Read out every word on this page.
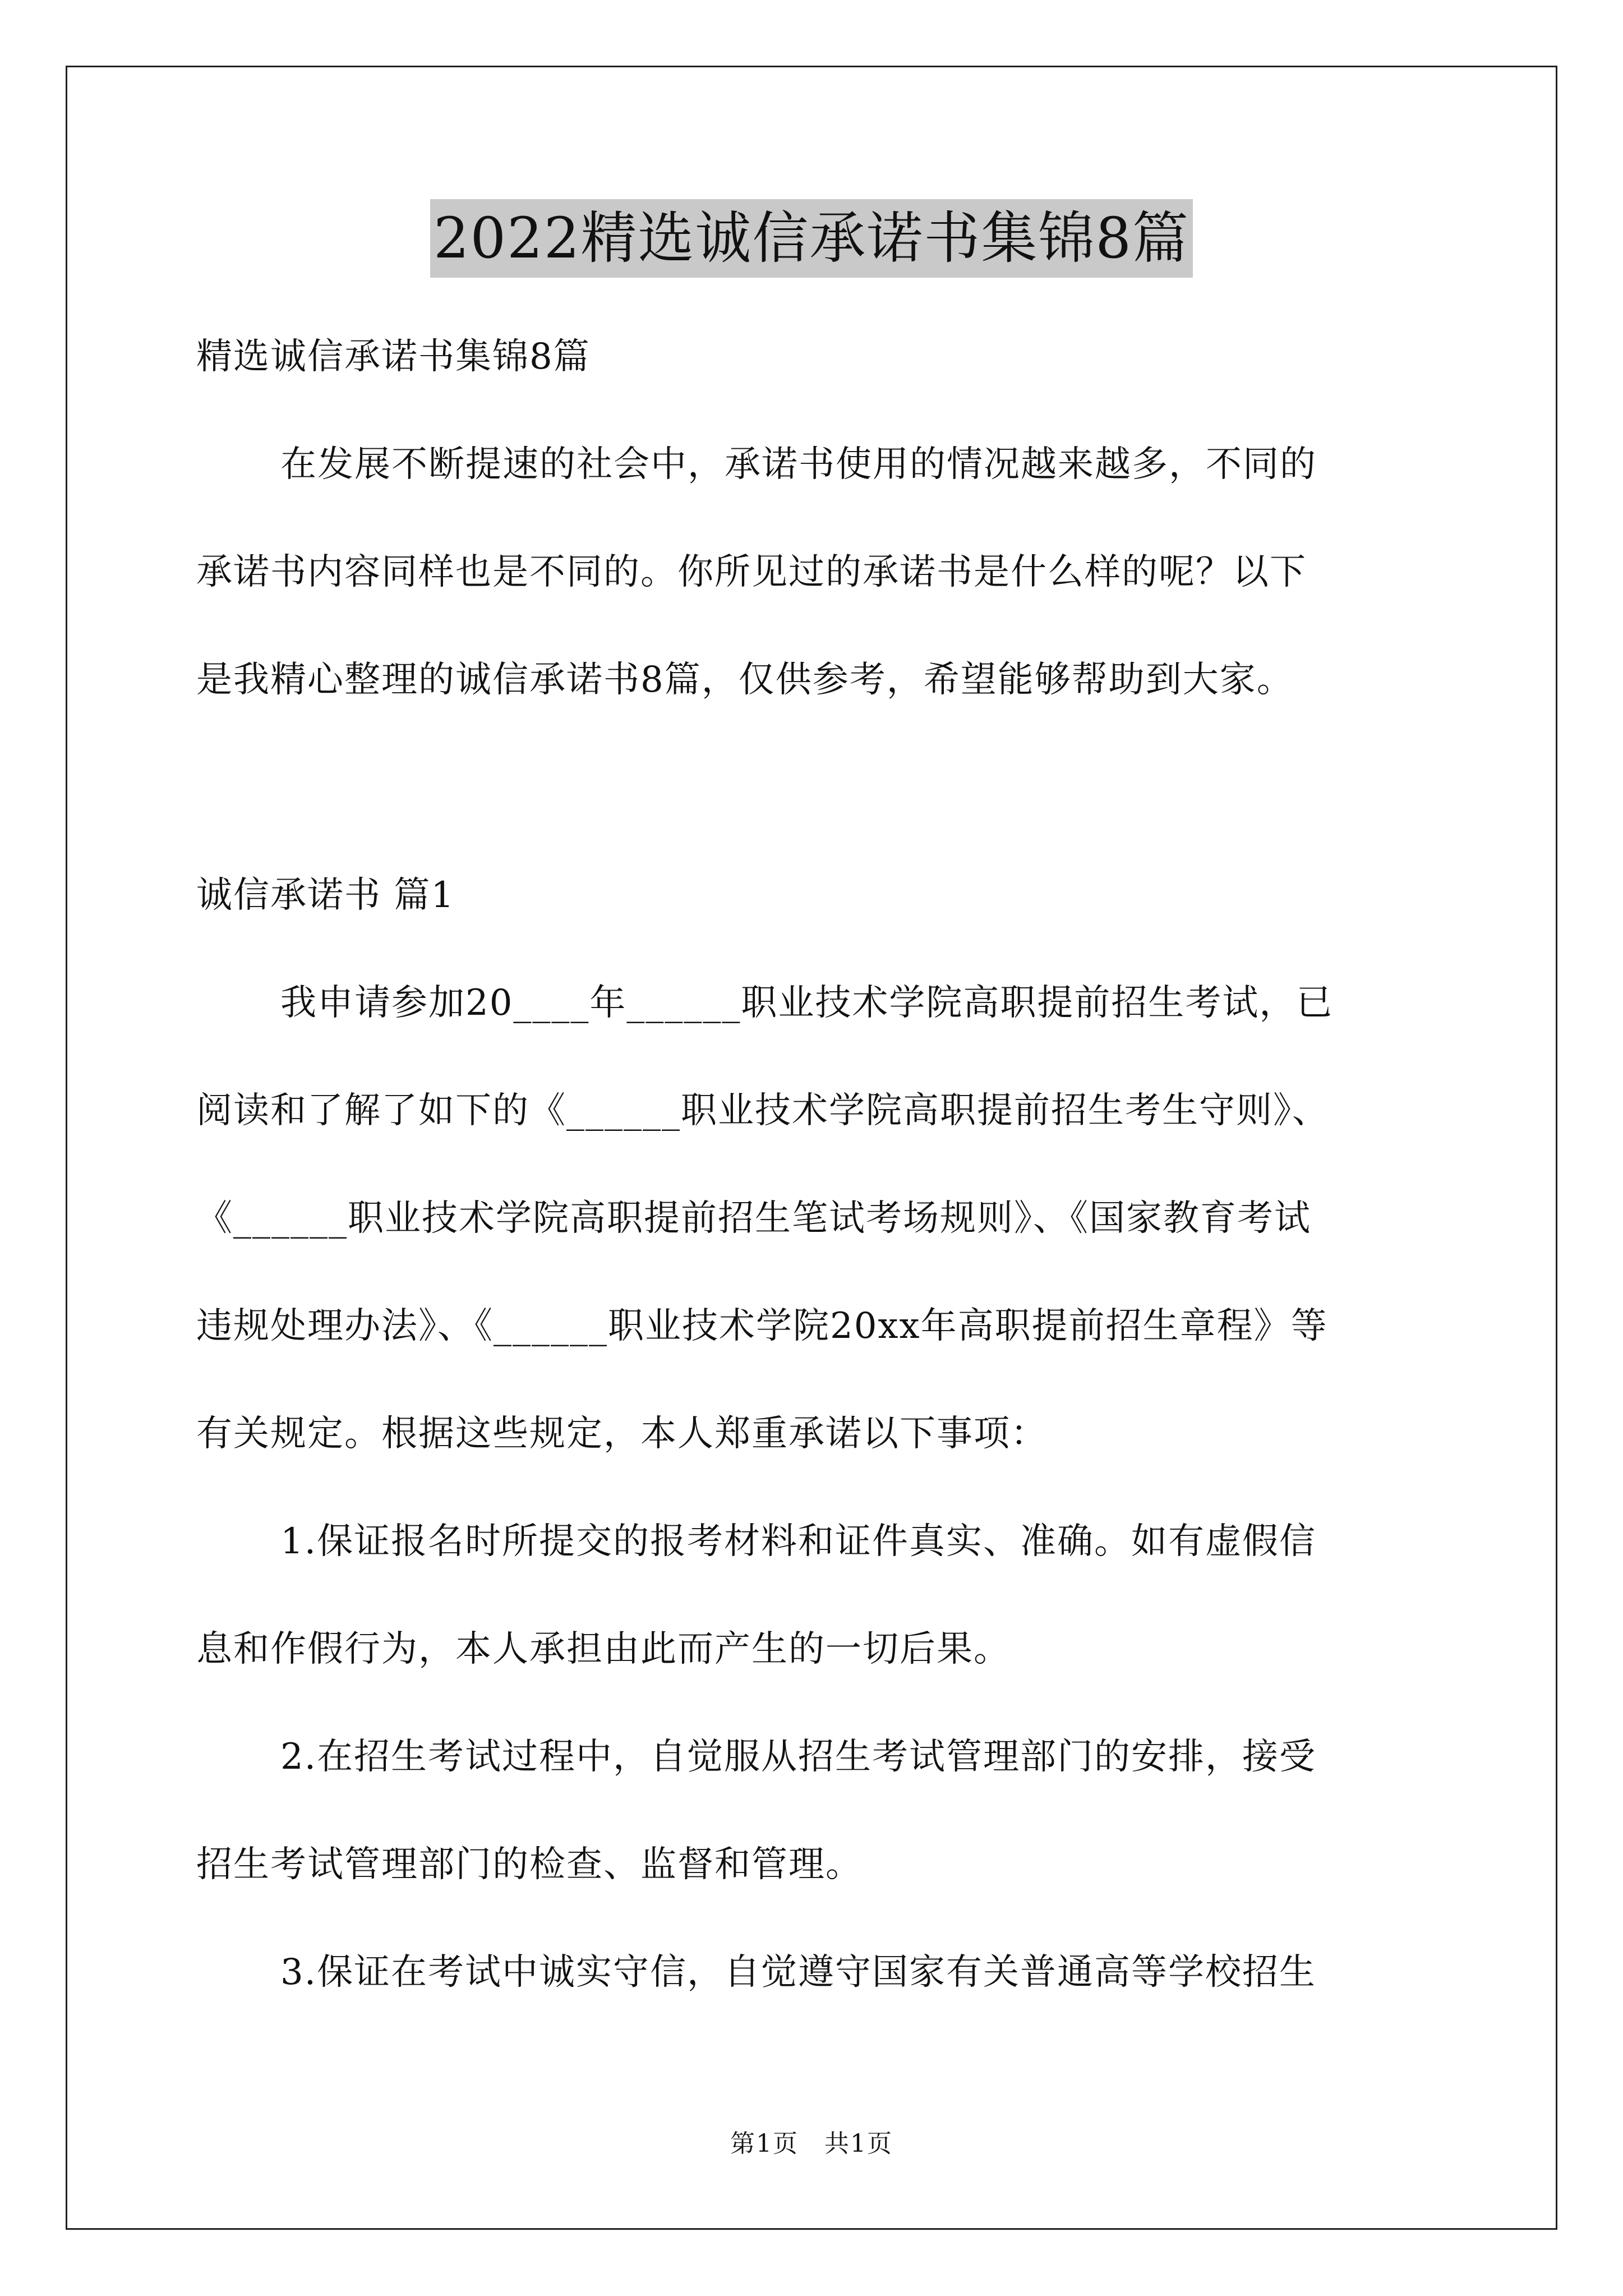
2022精选诚信承诺书集锦8篇
精选诚信承诺书集锦8篇
在发展不断提速的社会中，承诺书使用的情况越来越多，不同的
承诺书内容同样也是不同的。你所见过的承诺书是什么样的呢？以下
是我精心整理的诚信承诺书8篇，仅供参考，希望能够帮助到大家。
诚信承诺书 篇1
我申请参加20____年______职业技术学院高职提前招生考试，已
阅读和了解了如下的《______职业技术学院高职提前招生考生守则》、
《______职业技术学院高职提前招生笔试考场规则》、《国家教育考试
违规处理办法》、《______职业技术学院20xx年高职提前招生章程》等
有关规定。根据这些规定，本人郑重承诺以下事项：
1.保证报名时所提交的报考材料和证件真实、准确。如有虚假信
息和作假行为，本人承担由此而产生的一切后果。
2.在招生考试过程中，自觉服从招生考试管理部门的安排，接受
招生考试管理部门的检查、监督和管理。
3.保证在考试中诚实守信，自觉遵守国家有关普通高等学校招生
第1页　共1页
